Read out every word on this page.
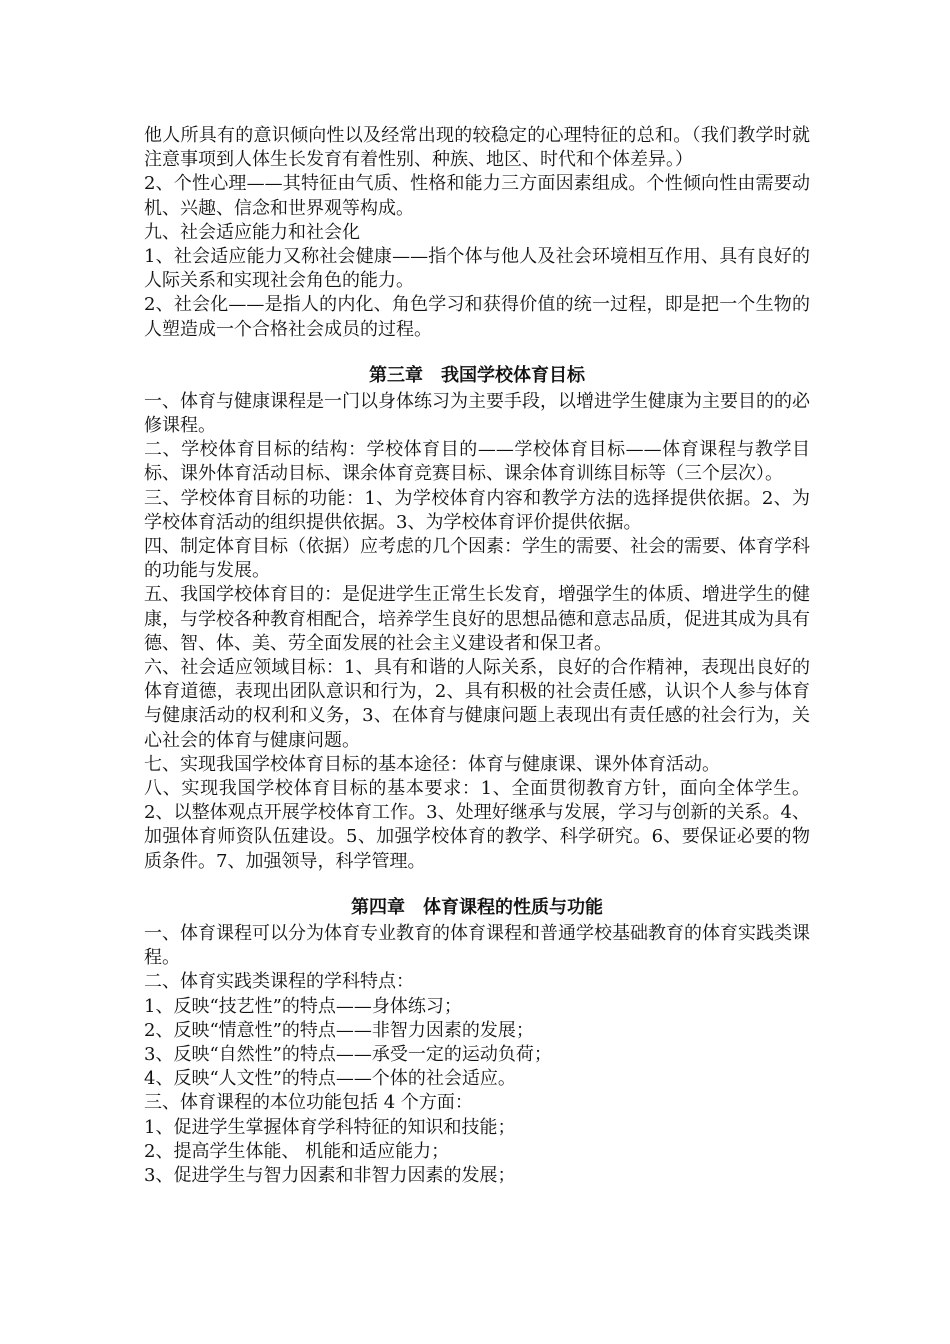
他人所具有的意识倾向性以及经常出现的较稳定的心理特征的总和。（我们教学时就注意事项到人体生长发育有着性别、种族、地区、时代和个体差异。）

2、个性心理——其特征由气质、性格和能力三方面因素组成。个性倾向性由需要动机、兴趣、信念和世界观等构成。

九、社会适应能力和社会化

1、社会适应能力又称社会健康——指个体与他人及社会环境相互作用、具有良好的人际关系和实现社会角色的能力。

2、社会化——是指人的内化、角色学习和获得价值的统一过程，即是把一个生物的人塑造成一个合格社会成员的过程。

第三章　我国学校体育目标

一、体育与健康课程是一门以身体练习为主要手段，以增进学生健康为主要目的的必修课程。

二、学校体育目标的结构：学校体育目的——学校体育目标——体育课程与教学目标、课外体育活动目标、课余体育竞赛目标、课余体育训练目标等（三个层次）。

三、学校体育目标的功能：1、为学校体育内容和教学方法的选择提供依据。2、为学校体育活动的组织提供依据。3、为学校体育评价提供依据。

四、制定体育目标（依据）应考虑的几个因素：学生的需要、社会的需要、体育学科的功能与发展。

五、我国学校体育目的：是促进学生正常生长发育，增强学生的体质、增进学生的健康，与学校各种教育相配合，培养学生良好的思想品德和意志品质，促进其成为具有德、智、体、美、劳全面发展的社会主义建设者和保卫者。

六、社会适应领域目标：1、具有和谐的人际关系，良好的合作精神，表现出良好的体育道德，表现出团队意识和行为，2、具有积极的社会责任感，认识个人参与体育与健康活动的权利和义务，3、在体育与健康问题上表现出有责任感的社会行为，关心社会的体育与健康问题。

七、实现我国学校体育目标的基本途径：体育与健康课、课外体育活动。

八、实现我国学校体育目标的基本要求：1、全面贯彻教育方针，面向全体学生。2、以整体观点开展学校体育工作。3、处理好继承与发展，学习与创新的关系。4、加强体育师资队伍建设。5、加强学校体育的教学、科学研究。6、要保证必要的物质条件。7、加强领导，科学管理。

第四章　体育课程的性质与功能

一、体育课程可以分为体育专业教育的体育课程和普通学校基础教育的体育实践类课程。

二、体育实践类课程的学科特点：

1、反映“技艺性”的特点——身体练习；

2、反映“情意性”的特点——非智力因素的发展；

3、反映“自然性”的特点——承受一定的运动负荷；

4、反映“人文性”的特点——个体的社会适应。

三、体育课程的本位功能包括 4 个方面：

1、促进学生掌握体育学科特征的知识和技能；

2、提高学生体能、 机能和适应能力；

3、促进学生与智力因素和非智力因素的发展；
